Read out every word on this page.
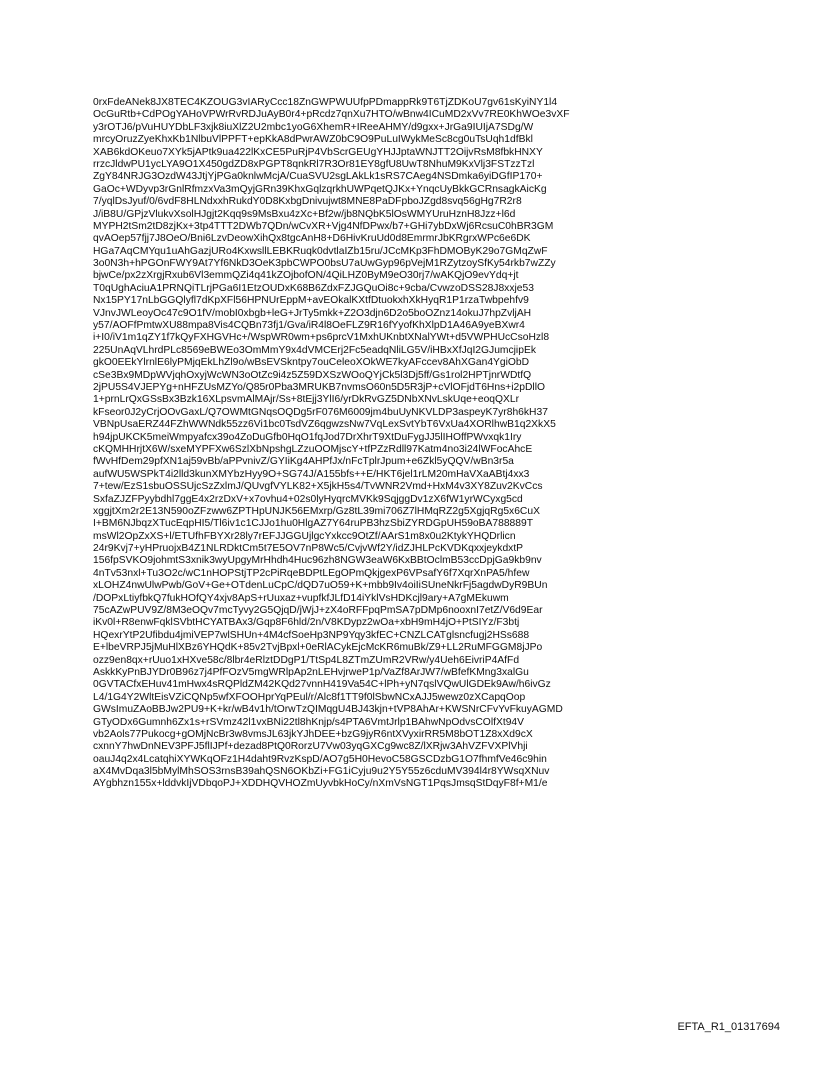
0rxFdeANek8JX8TEC4KZOUG3vIARyCcc18ZnGWPWUUfpPDmappRk9T6TjZDKoU7gv61sKyiNY1l4
OcGuRtb+CdPOgYAHoVPWrRvRDJuAyB0r4+pRcdz7qnXu7HTO/wBnw4ICuMD2xVv7RE0KhWOe3vXF
y3rOTJ6/pVuHUYDbLF3xjk8iuXlZ2U2mbc1yoG6XhemR+IReeAHMY/d9gxx+JrGa9IUIjA7SDg/W
mrcyOruzZyeKhxKb1NlbuVlPPFT+epKkA8dPwrAWZ0bC9O9PuLuIWykMeSc8cg0uTsUqh1dfBkl
XAB6kdOKeuo7XYk5jAPtk9ua422lKxCE5PuRjP4VbScrGEUgYHJJptaWNJTT2OijvRsM8fbkHNXY
rrzcJldwPU1ycLYA9O1X450gdZD8xPGPT8qnkRl7R3Or81EY8gfU8UwT8NhuM9KxVlj3FSTzzTzl
ZgY84NRJG3OzdW43JtjYjPGa0knlwMcjA/CuaSVU2sgLAkLk1sRS7CAeg4NSDmka6yiDGfIP170+
GaOc+WDyvp3rGnlRfmzxVa3mQyjGRn39KhxGqlzqrkhUWPqetQJKx+YnqcUyBkkGCRnsagkAicKg
7/yqlDsJyuf/0/6vdF8HLNdxxhRukdY0D8KxbgDnivujwt8MNE8PaDFpboJZgd8svq56gHg7R2r8
J/iB8U/GPjzVlukvXsolHJgjt2Kqq9s9MsBxu4zXc+Bf2w/jb8NQbK5lOsWMYUruHznH8Jzz+l6d
MYPH2tSm2tD8zjKx+3tp4TTT2DWb7QDn/wCvXR+Vjg4NfDPwx/b7+GHi7ybDxWj6RcsuC0hBR3GM
qvAOep57fjj7J8OeO/Bni6LzvDeowXihQx8tgcAnH8+D6HivKruUd0d8EmrmrJbKRgrxWPc6e6DK
HGa7AqCMYqu1uAhGazjURo4KxwsllLEBKRuqk0dvtlaIZb15ru/JCcMKp3FhDMOByK29o7GMqZwF
3o0N3h+hPGOnFWY9At7Yf6NkD3OeK3pbCWPO0bsU7aUwGyp96pVejM1RZytzoySfKy54rkb7wZZy
bjwCe/px2zXrgjRxub6Vl3emmQZi4q41kZOjbofON/4QiLHZ0ByM9eO30rj7/wAKQjO9evYdq+jt
T0qUghAciuA1PRNQiTLrjPGa6I1EtzOUDxK68B6ZdxFZJGQuOi8c+9cba/CvwzoDSS28J8xxje53
Nx15PY17nLbGGQlyfl7dKpXFl56HPNUrEppM+avEOkalKXtfDtuokxhXkHyqR1P1rzaTwbpehfv9
VJnvJWLeoyOc47c9O1fV/mobI0xbgb+leG+JrTy5mkk+Z2O3djn6D2o5boOZnz14okuJ7hpZvljAH
y57/AOFfPmtwXU88mpa8Vis4CQBn73fj1/Gva/iR4l8OeFLZ9R16fYyofKhXlpD1A46A9yeBXwr4
i+I0/iV1m1qZY1f7kQyFXHGVHc+/WspWR0wm+ps6prcV1MxhUKnbtXNalYWt+d5VWPHUcCsoHzl8
225UnAqVLhrdPLc8569eBWEo3OmMmY9x4dVMCErj2Fc5eadqNliLG5V/iHBxXfJqI2GJumcjipEk
gkO0EEkYlrnlE6lyPMjqEkLhZl9o/wBsEVSkntpy7ouCeleoXOkWE7kyAFccev8AhXGan4YgiObD
cSe3Bx9MDpWVjqhOxyjWcWN3oOtZc9i4z5Z59DXSzWOoQYjCk5l3Dj5ff/Gs1rol2HPTjnrWDtfQ
2jPU5S4VJEPYg+nHFZUsMZYo/Q85r0Pba3MRUKB7nvmsO60n5D5R3jP+cVlOFjdT6Hns+i2pDllO
1+prnLrQxGSsBx3Bzk16XLpsvmAlMAjr/Ss+8tEjj3YlI6/yrDkRvGZ5DNbXNvLskUqe+eoqQXLr
kFseor0J2yCrjOOvGaxL/Q7OWMtGNqsOQDg5rF076M6009jm4buUyNKVLDP3aspeyK7yr8h6kH37
VBNpUsaERZ44FZhWWNdk55zz6Vi1bc0TsdVZ6qgwzsNw7VqLexSvtYbT6VxUa4XORlhwB1q2XkX5
h94jpUKCK5meiWmpyafcx39o4ZoDuGfb0HqO1fqJod7DrXhrT9XtDuFygJJ5lIHOffPWvxqk1Iry
cKQMHHrjtX6W/sxeMYPFXw6SzlXbNpshgLZzuOOMjscY+tfPZzRdll97Katm4no3i24lWFocAhcE
fWvHfDem29pfXN1aj59vBb/aPPvnivZ/GYIiKg4AHPfJx/nFcTplrJpum+e6Zkl5yQQV/wBn3r5a
aufWU5WSPkT4i2lld3kunXMYbzHyy9O+SG74J/A155bfs++E/HKT6jel1rLM20mHaVXaABtj4xx3
7+tew/EzS1sbuOSSUjcSzZxlmJ/QUvgfVYLK82+X5jkH5s4/TvWNR2Vmd+HxM4v3XY8Zuv2KvCcs
SxfaZJZFPyybdhl7ggE4x2rzDxV+x7ovhu4+02s0lyHyqrcMVKk9SqjggDv1zX6fW1yrWCyxg5cd
xggjtXm2r2E13N590oZFzww6ZPTHpUNJK56EMxrp/Gz8tL39mi706Z7lHMqRZ2g5XgjqRg5x6CuX
I+BM6NJbqzXTucEqpHI5/Tl6iv1c1CJJo1hu0HlgAZ7Y64ruPB3hzSbiZYRDGpUH59oBA788889T
msWl2OpZxXS+l/ETUfhFBYXr28ly7rEFJJGGUjlgcYxkcc9OtZf/AArS1m8x0u2KtykYHQDrlicn
24r9Kvj7+yHPruojxB4Z1NLRDktCm5t7E5OV7nP8Wc5/CvjvWf2Y/idZJHLPcKVDKqxxjeykdxtP
156fpSVKO9johmtS3xnik3wyUpgyMrHhdh4Huc96zh8NGW3eaW6KxBBtOclmB53ccDpjGa9kb9nv
4nTv53nxl+Tu3O2c/wC1nHOPStjTP2cPiRqeBDPtLEgOPmQkjgexP6VPsafY6f7XqrXnPA5/hfew
xLOHZ4nwUlwPwb/GoV+Ge+OTdenLuCpC/dQD7uO59+K+mbb9Iv4oiIiSUneNkrFj5agdwDyR9BUn
/DOPxLtiyfbkQ7fukHOfQY4xjv8ApS+rUuxaz+vupfkfJLfD14iYklVsHDKcjl9ary+A7gMEkuwm
75cAZwPUV9Z/8M3eOQv7mcTyvy2G5QjqD/jWjJ+zX4oRFFpqPmSA7pDMp6nooxnI7etZ/V6d9Ear
iKv0l+R8enwFqklSVbtHCYATBAx3/Gqp8F6hld/2n/V8KDypz2wOa+xbH9mH4jO+PtSIYz/F3btj
HQexrYtP2Ufibdu4jmiVEP7wlSHUn+4M4cfSoeHp3NP9Yqy3kfEC+CNZLCATglsncfugj2HSs688
E+lbeVRPJ5jMuHlXBz6YHQdK+85v2TvjBpxl+0eRlACykEjcMcKR6muBk/Z9+LL2RuMFGGM8jJPo
ozz9en8qx+rUuo1xHXve58c/8lbr4eRlztDDgP1/TtSp4L8ZTmZUmR2VRw/y4Ueh6EivriP4AfFd
AskkKyPnBJYDr0B96z7j4PfFOzV5mgWRlpAp2nLEHvjrweP1p/VaZf8ArJW7/wBfefKMng3xalGu
0GVTACfxEHuv41mHwx4sRQPldZM42KQd27vnnH419Va54C+lPh+yN7qslVQwUlGDEk9Aw/h6ivGz
L4/1G4Y2WltEisVZiCQNp5wfXFOOHprYqPEul/r/Alc8f1TT9f0lSbwNCxAJJ5wewz0zXCapqOop
GWsImuZAoBBJw2PU9+K+kr/wB4v1h/tOrwTzQIMqgU4BJ43kjn+tVP8AhAr+KWSNrCFvYvFkuyAGMD
GTyODx6Gumnh6Zx1s+rSVmz42l1vxBNi22tl8hKnjp/s4PTA6VmtJrlp1BAhwNpOdvsCOlfXt94V
vb2Aols77Pukocg+gOMjNcBr3w8vmsJL63jkYJhDEE+bzG9jyR6ntXVyxirRR5M8bOT1Z8xXd9cX
cxnnY7hwDnNEV3PFJ5flIJPf+dezad8PtQ0RorzU7Vw03yqGXCg9wc8Z/lXRjw3AhVZFVXPlVhji
oauJ4q2x4LcatqhiXYWKqOFz1H4daht9RvzKspD/AO7g5H0HevoC58GSCDzbG1O7fhmfVe46c9hin
aX4MvDqa3l5bMylMhSOS3rnsB39ahQSN6OKbZi+FG1iCyju9u2Y5Y55z6cduMV394l4r8YWsqXNuv
AYgbhzn155x+lddvkIjVDbqoPJ+XDDHQVHOZmUyvbkHoCy/nXmVsNGT1PqsJmsqStDqyF8f+M1/e
EFTA_R1_01317694
